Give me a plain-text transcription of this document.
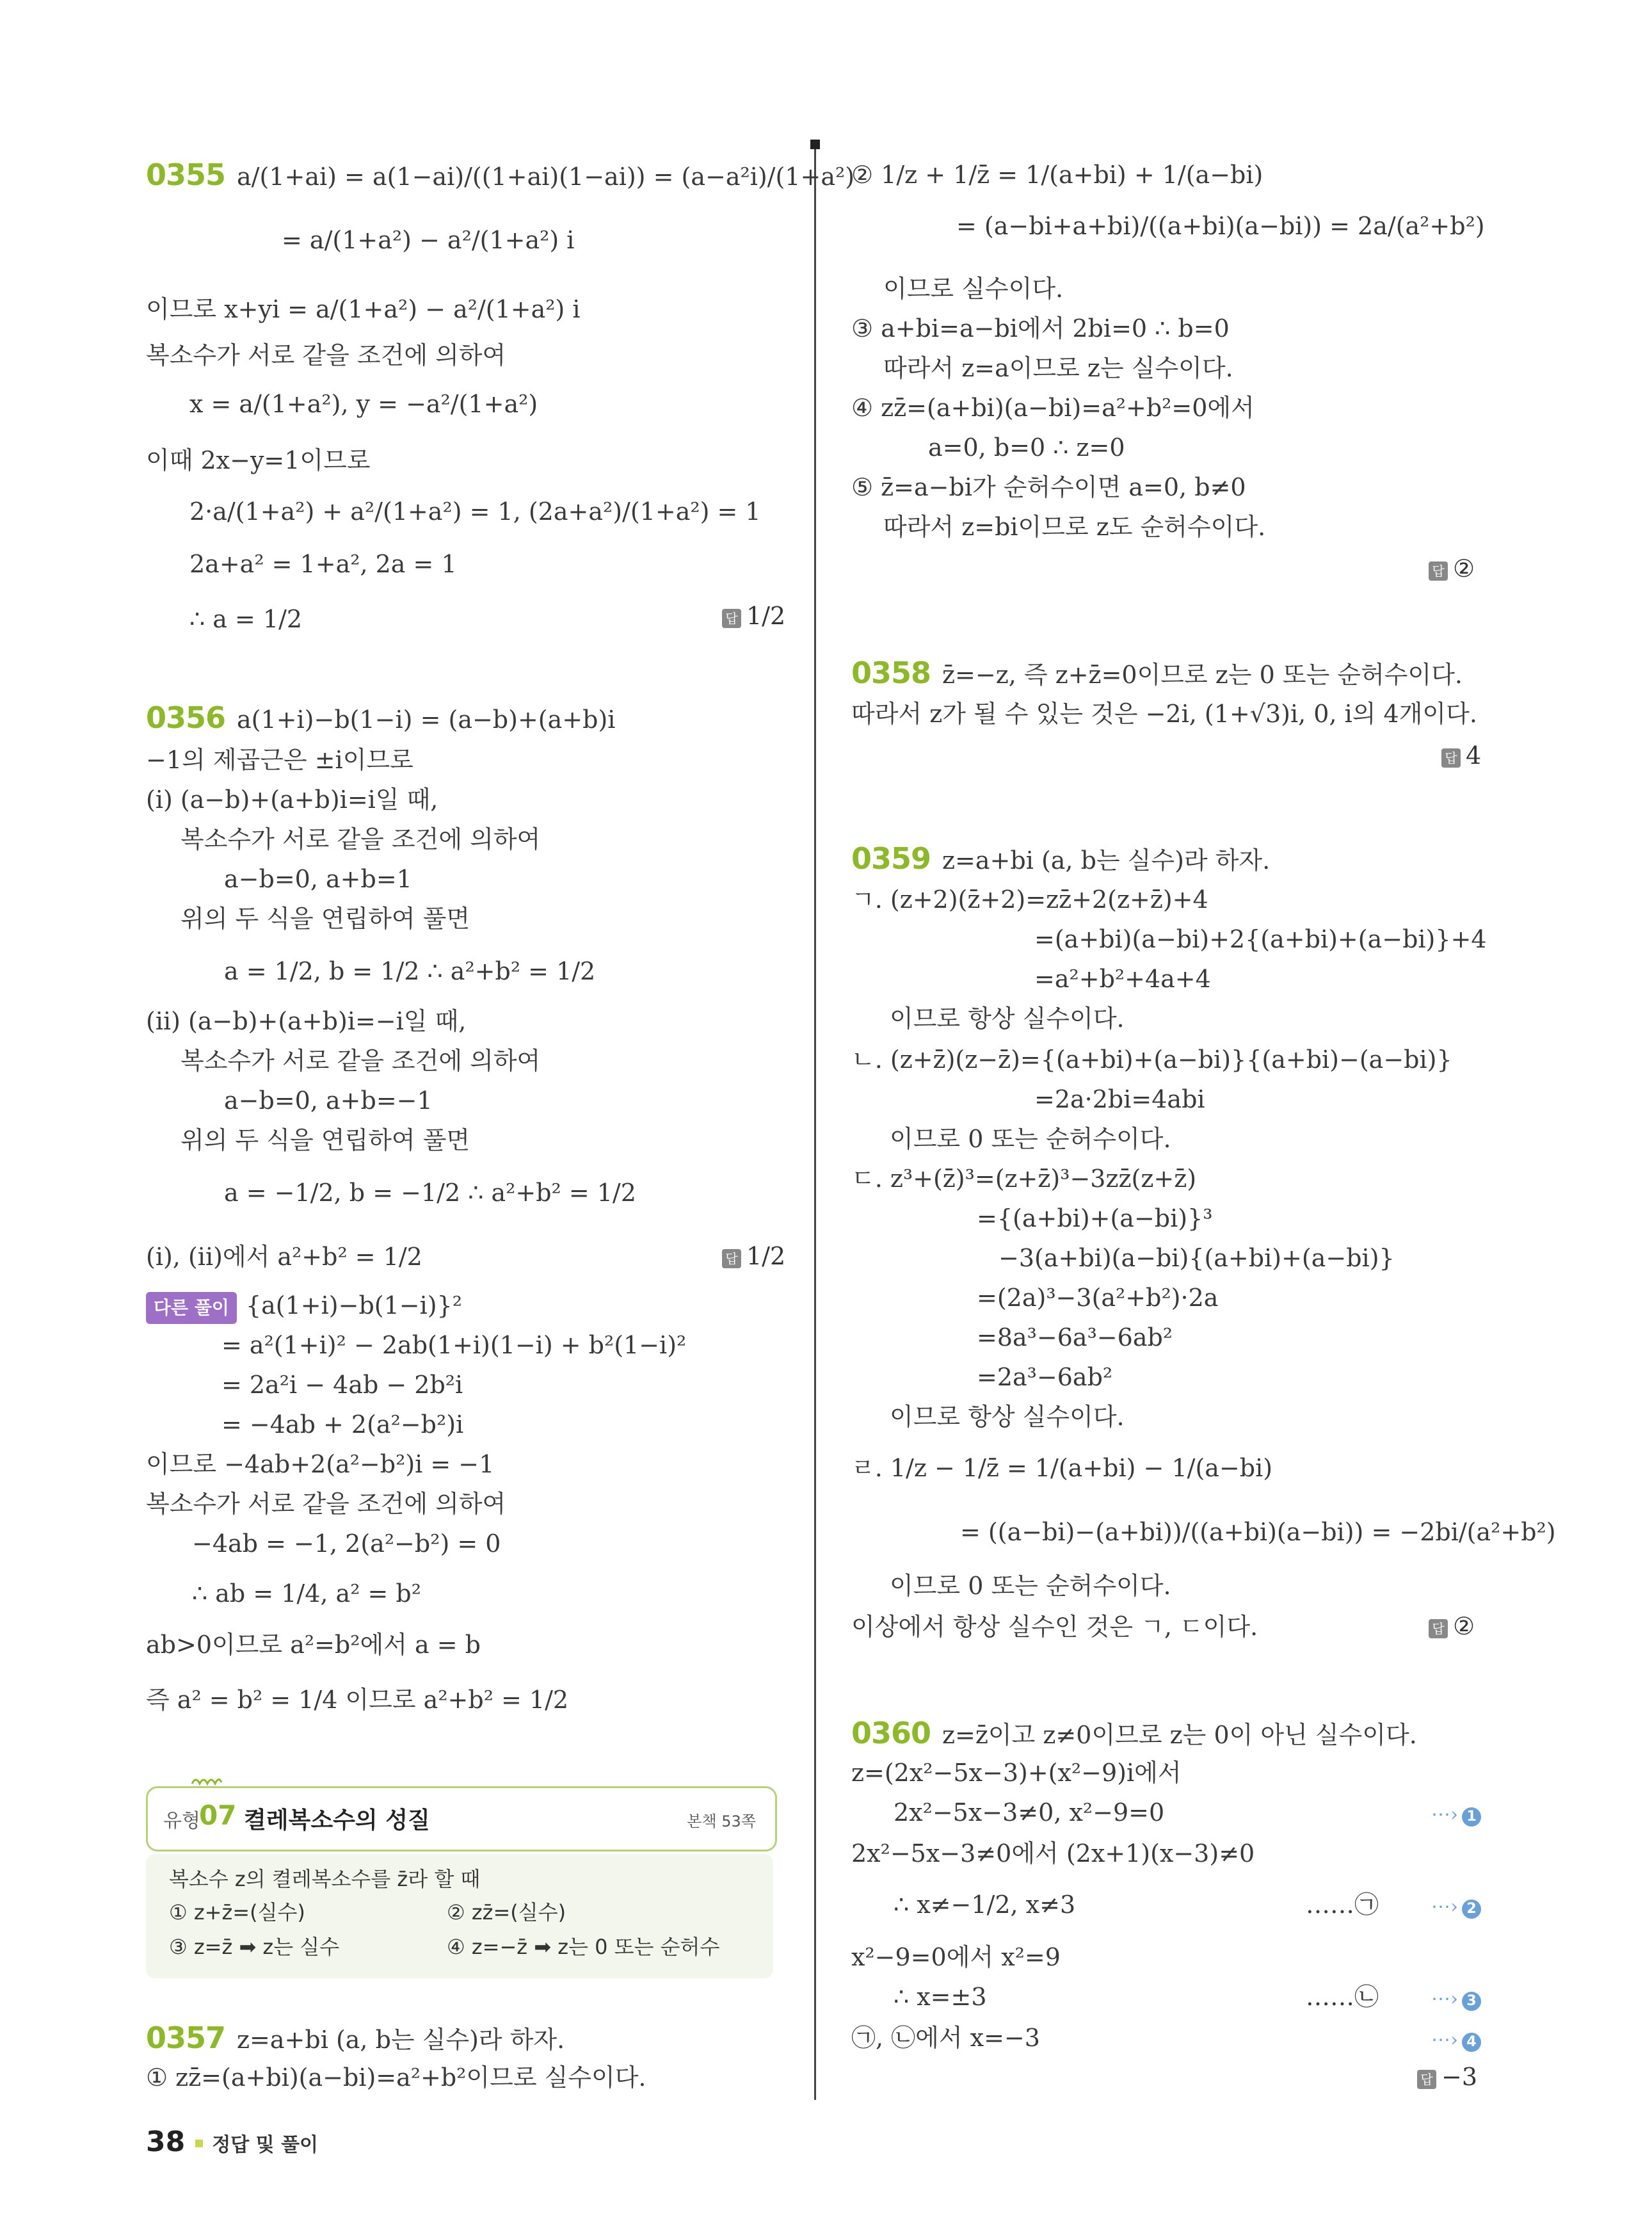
0355 a/(1+ai) = a(1−ai)/((1+ai)(1−ai)) = (a−a²i)/(1+a²)
= a/(1+a²) − a²/(1+a²) i
이므로 x+yi = a/(1+a²) − a²/(1+a²) i
복소수가 서로 같을 조건에 의하여
x = a/(1+a²), y = −a²/(1+a²)
이때 2x−y=1이므로
2·a/(1+a²) + a²/(1+a²) = 1, (2a+a²)/(1+a²) = 1
2a+a² = 1+a², 2a = 1
∴ a = 1/2	답 1/2
0356 a(1+i)−b(1−i) = (a−b)+(a+b)i
−1의 제곱근은 ±i이므로
(i) (a−b)+(a+b)i=i일 때,
복소수가 서로 같을 조건에 의하여
a−b=0, a+b=1
위의 두 식을 연립하여 풀면
a = 1/2, b = 1/2 ∴ a²+b² = 1/2
(ii) (a−b)+(a+b)i=−i일 때,
복소수가 서로 같을 조건에 의하여
a−b=0, a+b=−1
위의 두 식을 연립하여 풀면
a = −1/2, b = −1/2 ∴ a²+b² = 1/2
(i), (ii)에서 a²+b² = 1/2	답 1/2
다른 풀이 {a(1+i)−b(1−i)}²
= a²(1+i)² − 2ab(1+i)(1−i) + b²(1−i)²
= 2a²i − 4ab − 2b²i
= −4ab + 2(a²−b²)i
이므로 −4ab+2(a²−b²)i = −1
복소수가 서로 같을 조건에 의하여
−4ab = −1, 2(a²−b²) = 0
∴ ab = 1/4, a² = b²
ab>0이므로 a²=b²에서 a = b
즉 a² = b² = 1/4 이므로 a²+b² = 1/2
유형
07 켤레복소수의 성질	본책 53쪽
복소수 z의 켤레복소수를 z̄라 할 때
① z+z̄=(실수)	② zz̄=(실수)
③ z=z̄ ➡ z는 실수	④ z=−z̄ ➡ z는 0 또는 순허수
0357 z=a+bi (a, b는 실수)라 하자.
① zz̄=(a+bi)(a−bi)=a²+b²이므로 실수이다.
② 1/z + 1/z̄ = 1/(a+bi) + 1/(a−bi)
= (a−bi+a+bi)/((a+bi)(a−bi)) = 2a/(a²+b²)
이므로 실수이다.
③ a+bi=a−bi에서 2bi=0 ∴ b=0
따라서 z=a이므로 z는 실수이다.
④ zz̄=(a+bi)(a−bi)=a²+b²=0에서
a=0, b=0 ∴ z=0
⑤ z̄=a−bi가 순허수이면 a=0, b≠0
따라서 z=bi이므로 z도 순허수이다.
답 ②
0358 z̄=−z, 즉 z+z̄=0이므로 z는 0 또는 순허수이다.
따라서 z가 될 수 있는 것은 −2i, (1+√3)i, 0, i의 4개이다.
답 4
0359 z=a+bi (a, b는 실수)라 하자.
ㄱ. (z+2)(z̄+2)=zz̄+2(z+z̄)+4
=(a+bi)(a−bi)+2{(a+bi)+(a−bi)}+4
=a²+b²+4a+4
이므로 항상 실수이다.
ㄴ. (z+z̄)(z−z̄)={(a+bi)+(a−bi)}{(a+bi)−(a−bi)}
=2a·2bi=4abi
이므로 0 또는 순허수이다.
ㄷ. z³+(z̄)³=(z+z̄)³−3zz̄(z+z̄)
={(a+bi)+(a−bi)}³
−3(a+bi)(a−bi){(a+bi)+(a−bi)}
=(2a)³−3(a²+b²)·2a
=8a³−6a³−6ab²
=2a³−6ab²
이므로 항상 실수이다.
ㄹ. 1/z − 1/z̄ = 1/(a+bi) − 1/(a−bi)
= ((a−bi)−(a+bi))/((a+bi)(a−bi)) = −2bi/(a²+b²)
이므로 0 또는 순허수이다.
이상에서 항상 실수인 것은 ㄱ, ㄷ이다.	답 ②
0360 z=z̄이고 z≠0이므로 z는 0이 아닌 실수이다.
z=(2x²−5x−3)+(x²−9)i에서
2x²−5x−3≠0, x²−9=0
2x²−5x−3≠0에서 (2x+1)(x−3)≠0
∴ x≠−1/2, x≠3
x²−9=0에서 x²=9
∴ x=±3
㉠, ㉡에서 x=−3
……㉠
……㉡
⋯› 1
⋯› 2
⋯› 3
⋯› 4
답 −3
38 정답 및 풀이
